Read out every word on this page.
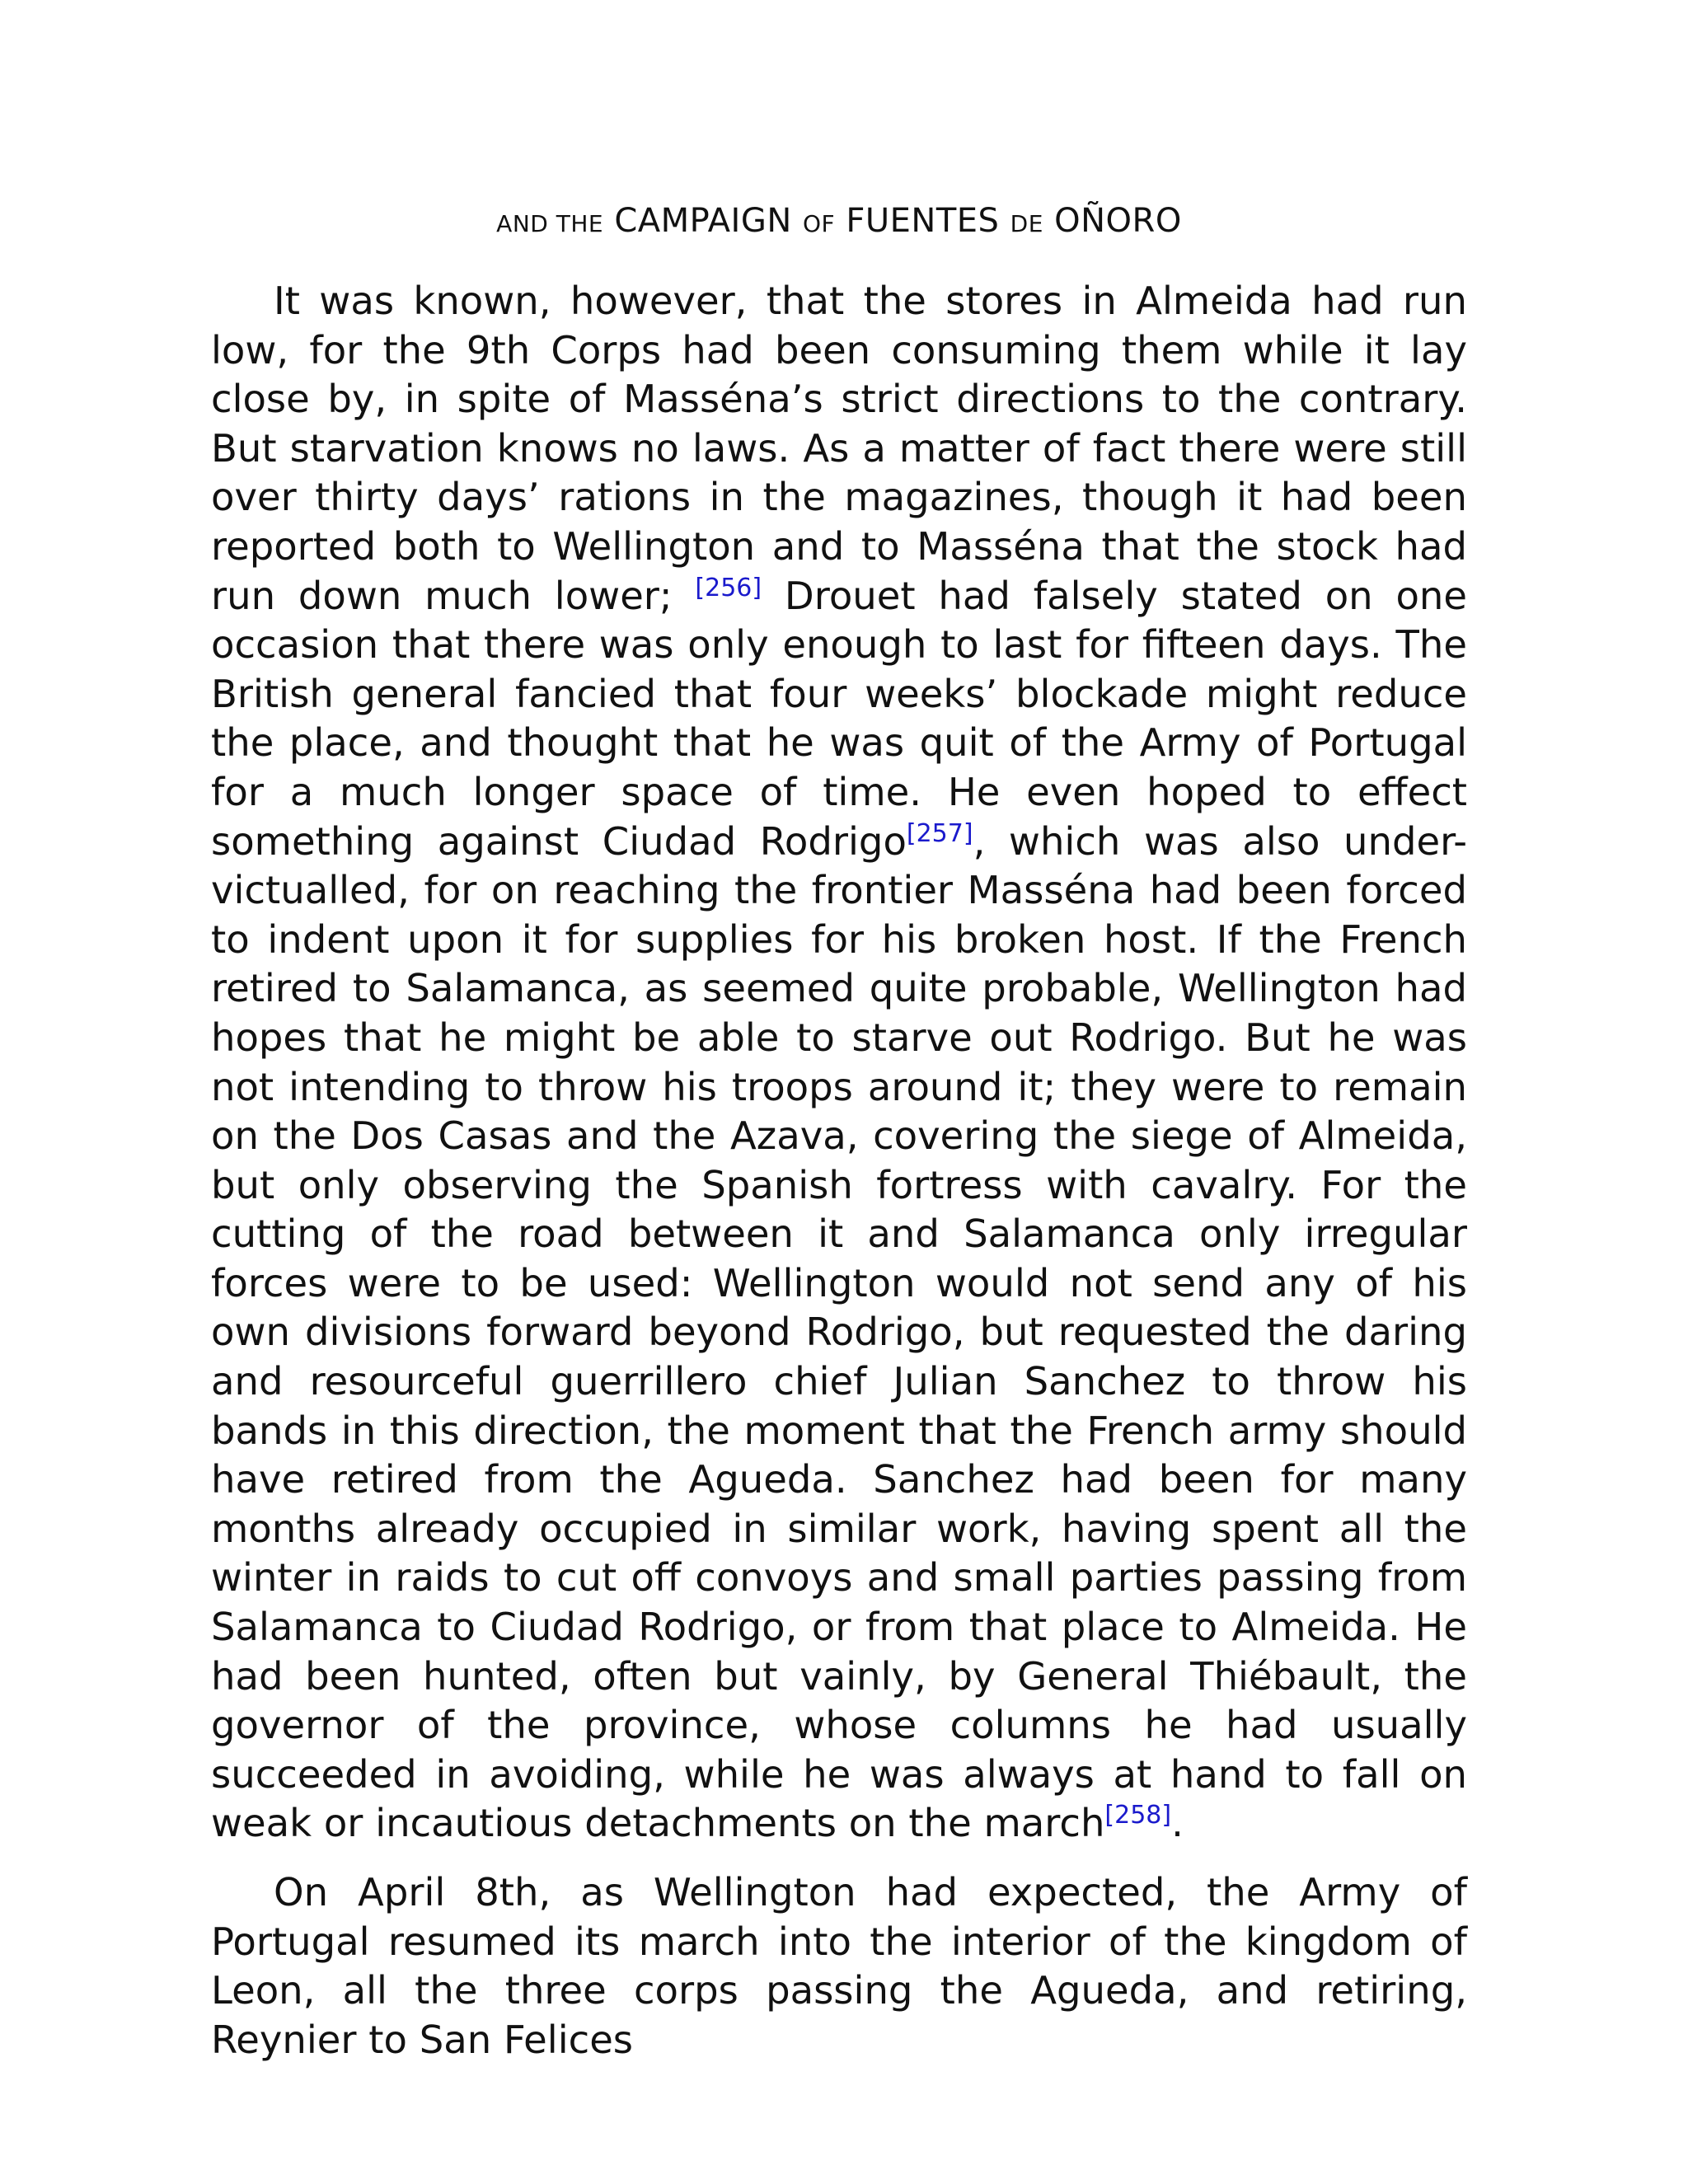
AND THE CAMPAIGN OF FUENTES DE OÑORO

It was known, however, that the stores in Almeida had run low, for the 9th Corps had been consuming them while it lay close by, in spite of Masséna’s strict directions to the contrary. But starvation knows no laws. As a matter of fact there were still over thirty days’ rations in the magazines, though it had been reported both to Wellington and to Masséna that the stock had run down much lower; [256] Drouet had falsely stated on one occasion that there was only enough to last for fifteen days. The British general fancied that four weeks’ blockade might reduce the place, and thought that he was quit of the Army of Portugal for a much longer space of time. He even hoped to effect something against Ciudad Rodrigo[257], which was also under-victualled, for on reaching the frontier Masséna had been forced to indent upon it for supplies for his broken host. If the French retired to Salamanca, as seemed quite probable, Wellington had hopes that he might be able to starve out Rodrigo. But he was not intending to throw his troops around it; they were to remain on the Dos Casas and the Azava, covering the siege of Almeida, but only observing the Spanish fortress with cavalry. For the cutting of the road between it and Salamanca only irregular forces were to be used: Wellington would not send any of his own divisions forward beyond Rodrigo, but requested the daring and resourceful guerrillero chief Julian Sanchez to throw his bands in this direction, the moment that the French army should have retired from the Agueda. Sanchez had been for many months already occupied in similar work, having spent all the winter in raids to cut off convoys and small parties passing from Salamanca to Ciudad Rodrigo, or from that place to Almeida. He had been hunted, often but vainly, by General Thiébault, the governor of the province, whose columns he had usually succeeded in avoiding, while he was always at hand to fall on weak or incautious detachments on the march[258].

On April 8th, as Wellington had expected, the Army of Portugal resumed its march into the interior of the kingdom of Leon, all the three corps passing the Agueda, and retiring, Reynier to San Felices
